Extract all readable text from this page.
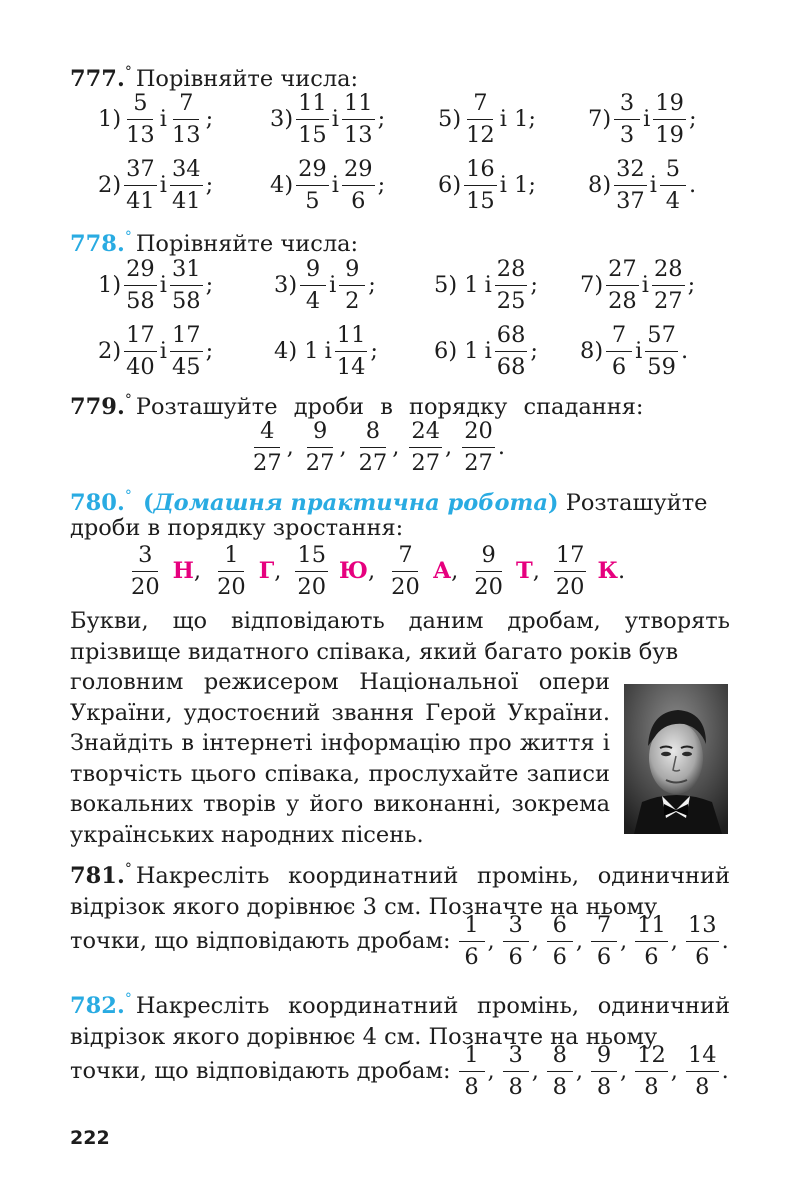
777.° Порівняйте числа:
$1) \frac{5}{13}$ і $\frac{7}{13}$ ;	$3) \frac{11}{15}$ і $\frac{11}{13}$ ; $5) \frac{7}{12}$ і 1 ; $7) \frac{3}{3}$ і $\frac{19}{19}$ ;
$2) \frac{37}{41}$ і $\frac{34}{41}$ ;	$4) \frac{29}{5}$ і $\frac{29}{6}$ ; $6) \frac{16}{15}$ і 1 ; $8) \frac{32}{37}$ і $\frac{5}{4}$ .
778.° Порівняйте числа:
$1) \frac{29}{58}$ і $\frac{31}{58}$ ;	$3) \frac{9}{4}$ і $\frac{9}{2}$ ;	5) 1 і $\frac{28}{25}$ ; $7) \frac{27}{28}$ і $\frac{28}{27}$ ;
$2) \frac{17}{40}$ і $\frac{17}{45}$ ;	4) 1 і $\frac{11}{14}$ ; 6) 1 і $\frac{68}{68}$ ; $8) \frac{7}{6}$ і $\frac{57}{59}$ .
779.° Розташуйте дроби в порядку спадання:
$\frac{4}{27}$ , $\frac{9}{27}$ , $\frac{8}{27}$ , $\frac{24}{27}$ , $\frac{20}{27}$ .
780.° (Домашня практична робота) Розташуйте
дроби в порядку зростання:
$\frac{3}{20}$ Н , $\frac{1}{20}$ Г , $\frac{15}{20}$ Ю , $\frac{7}{20}$ А , $\frac{9}{20}$ Т , $\frac{17}{20}$ К .
Букви, що відповідають даним дробам, утворять прізвище видатного співака, який багато років був
головним режисером Національної опери України, удостоєний звання Герой України. Знайдіть в інтернеті інформацію про життя і творчість цього співака, прослухайте записи вокальних творів у його виконанні, зокрема українських народних пісень.
781.° Накресліть координатний промінь, одиничний відрізок якого дорівнює 3 см. Позначте на ньому
точки, що відповідають дробам: $\frac{1}{6}$ , $\frac{3}{6}$ , $\frac{6}{6}$ , $\frac{7}{6}$ , $\frac{11}{6}$ , $\frac{13}{6}$ .
782.° Накресліть координатний промінь, одиничний відрізок якого дорівнює 4 см. Позначте на ньому
точки, що відповідають дробам: $\frac{1}{8}$ , $\frac{3}{8}$ , $\frac{8}{8}$ , $\frac{9}{8}$ , $\frac{12}{8}$ , $\frac{14}{8}$ .
222
